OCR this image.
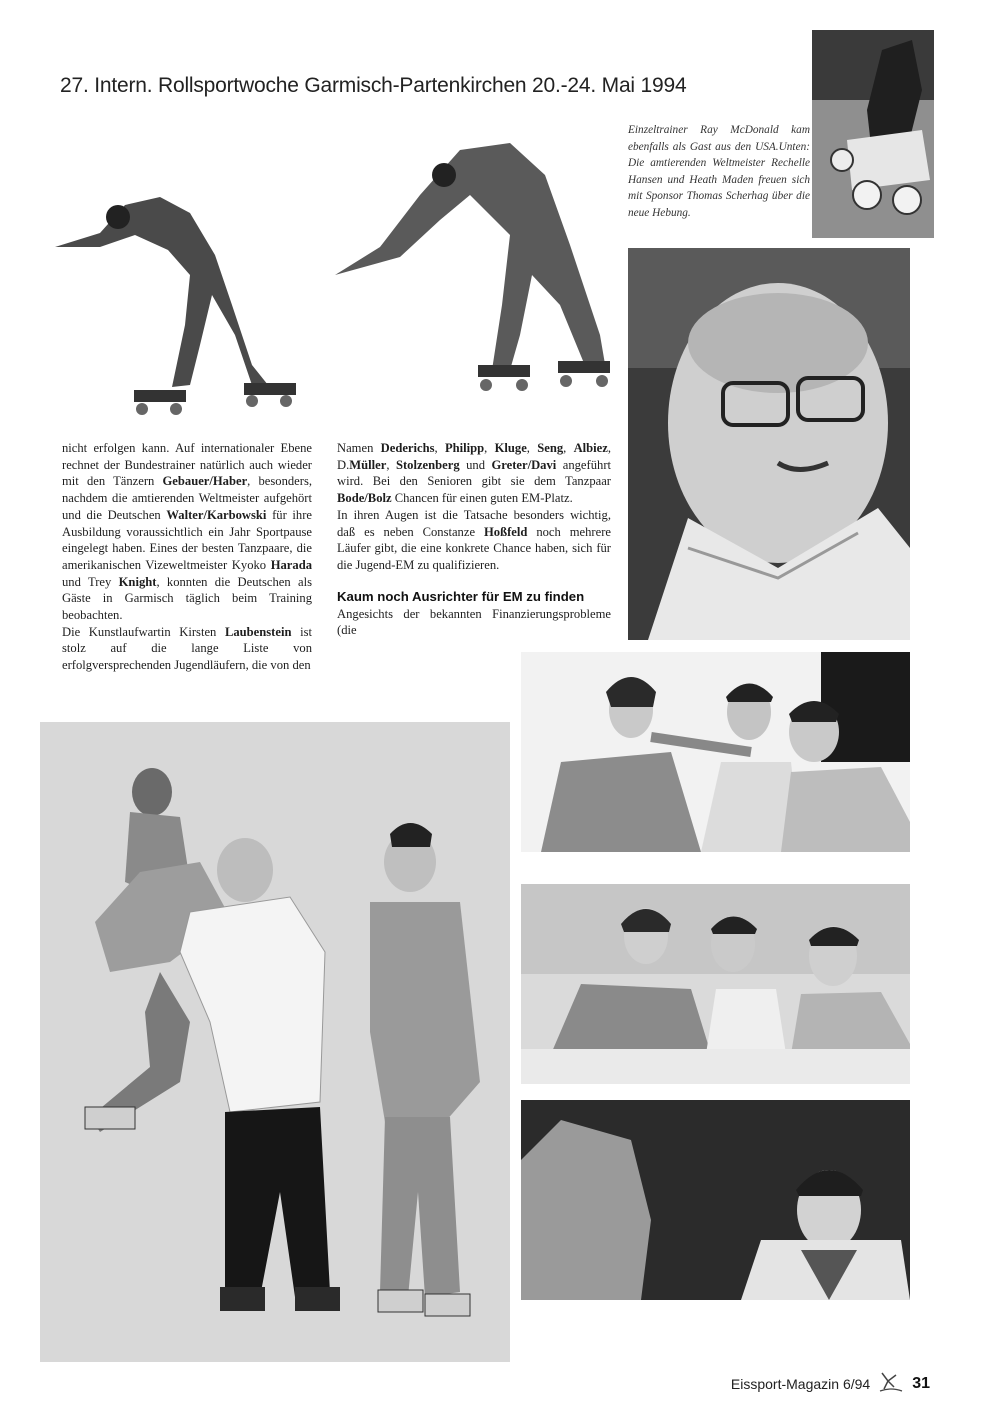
27. Intern. Rollsportwoche Garmisch-Partenkirchen 20.-24. Mai 1994
Einzeltrainer Ray McDonald kam ebenfalls als Gast aus den USA.Unten: Die amtierenden Weltmeister Rechelle Hansen und Heath Maden freuen sich mit Sponsor Thomas Scherhag über die neue Hebung.

nicht erfolgen kann. Auf internationaler Ebene rechnet der Bundestrainer natürlich auch wieder mit den Tänzern Gebauer/Haber, besonders, nachdem die amtierenden Weltmeister aufgehört und die Deutschen Walter/Karbowski für ihre Ausbildung voraussichtlich ein Jahr Sportpause eingelegt haben. Eines der besten Tanzpaare, die amerikanischen Vizeweltmeister Kyoko Harada und Trey Knight, konnten die Deutschen als Gäste in Garmisch täglich beim Training beobachten.

Die Kunstlaufwartin Kirsten Laubenstein ist stolz auf die lange Liste von erfolgversprechenden Jugendläufern, die von den

Namen Dederichs, Philipp, Kluge, Seng, Albiez, D.Müller, Stolzenberg und Greter/Davi angeführt wird. Bei den Senioren gibt sie dem Tanzpaar Bode/Bolz Chancen für einen guten EM-Platz.

In ihren Augen ist die Tatsache besonders wichtig, daß es neben Constanze Hoßfeld noch mehrere Läufer gibt, die eine konkrete Chance haben, sich für die Jugend-EM zu qualifizieren.

Kaum noch Ausrichter für EM zu finden

Angesichts der bekannten Finanzierungsprobleme (die

Eissport-Magazin 6/94	31
